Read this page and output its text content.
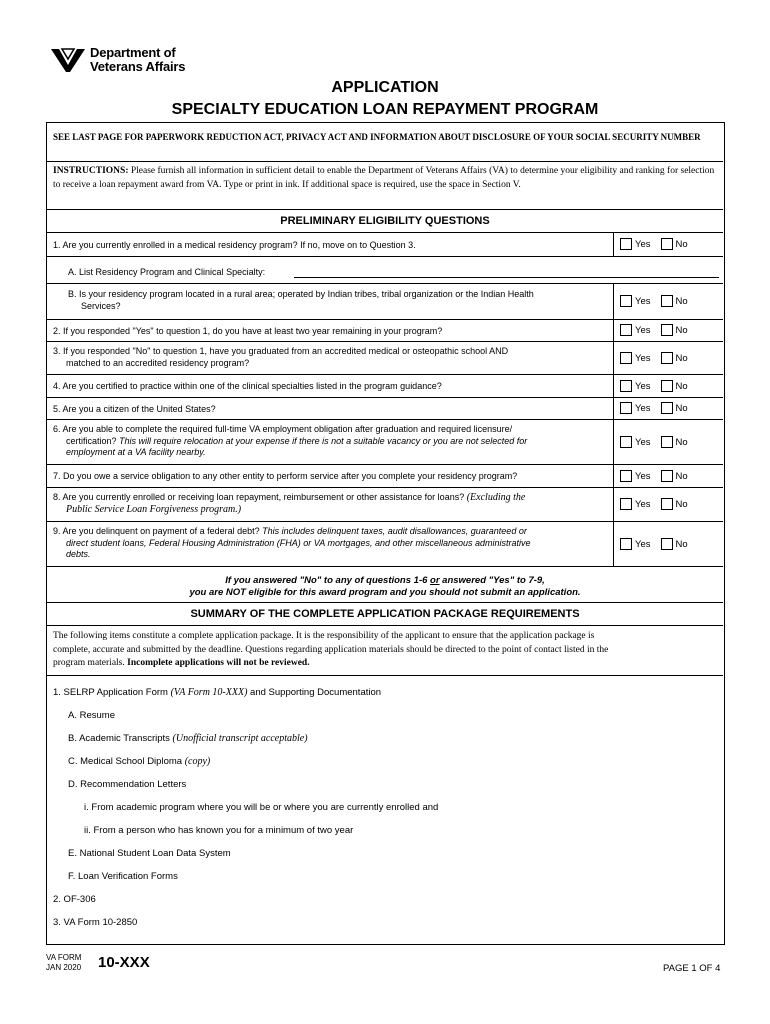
Department of
Veterans Affairs
APPLICATION
SPECIALTY EDUCATION LOAN REPAYMENT PROGRAM
SEE LAST PAGE FOR PAPERWORK REDUCTION ACT, PRIVACY ACT AND INFORMATION ABOUT DISCLOSURE OF YOUR SOCIAL SECURITY NUMBER
INSTRUCTIONS: Please furnish all information in sufficient detail to enable the Department of Veterans Affairs (VA) to determine your eligibility and ranking for selection to receive a loan repayment award from VA. Type or print in ink. If additional space is required, use the space in Section V.
PRELIMINARY ELIGIBILITY QUESTIONS
1. Are you currently enrolled in a medical residency program? If no, move on to Question 3.	Yes	No
A. List Residency Program and Clinical Specialty:
B. Is your residency program located in a rural area; operated by Indian tribes, tribal organization or the Indian Health
Services?	Yes	No
2. If you responded "Yes" to question 1, do you have at least two year remaining in your program?	Yes	No
3. If you responded "No" to question 1, have you graduated from an accredited medical or osteopathic school AND
matched to an accredited residency program?	Yes	No
4. Are you certified to practice within one of the clinical specialties listed in the program guidance?	Yes	No
5. Are you a citizen of the United States?	Yes	No
6. Are you able to complete the required full-time VA employment obligation after graduation and required licensure/
certification? This will require relocation at your expense if there is not a suitable vacancy or you are not selected for
employment at a VA facility nearby.
Yes	No
7. Do you owe a service obligation to any other entity to perform service after you complete your residency program?	Yes	No
8. Are you currently enrolled or receiving loan repayment, reimbursement or other assistance for loans? (Excluding the
Public Service Loan Forgiveness program.)	Yes	No
9. Are you delinquent on payment of a federal debt? This includes delinquent taxes, audit disallowances, guaranteed or
direct student loans, Federal Housing Administration (FHA) or VA mortgages, and other miscellaneous administrative
debts.
Yes	No
If you answered "No" to any of questions 1-6 or answered "Yes" to 7-9,
you are NOT eligible for this award program and you should not submit an application.
SUMMARY OF THE COMPLETE APPLICATION PACKAGE REQUIREMENTS
The following items constitute a complete application package. It is the responsibility of the applicant to ensure that the application package is
complete, accurate and submitted by the deadline. Questions regarding application materials should be directed to the point of contact listed in the
program materials. Incomplete applications will not be reviewed.
1. SELRP Application Form (VA Form 10-XXX) and Supporting Documentation
A. Resume
B. Academic Transcripts (Unofficial transcript acceptable)
C. Medical School Diploma (copy)
D. Recommendation Letters
i. From academic program where you will be or where you are currently enrolled and
ii. From a person who has known you for a minimum of two year
E. National Student Loan Data System
F. Loan Verification Forms
2. OF-306
3. VA Form 10-2850
VA FORM
JAN 2020 10-XXX	PAGE 1 OF 4
